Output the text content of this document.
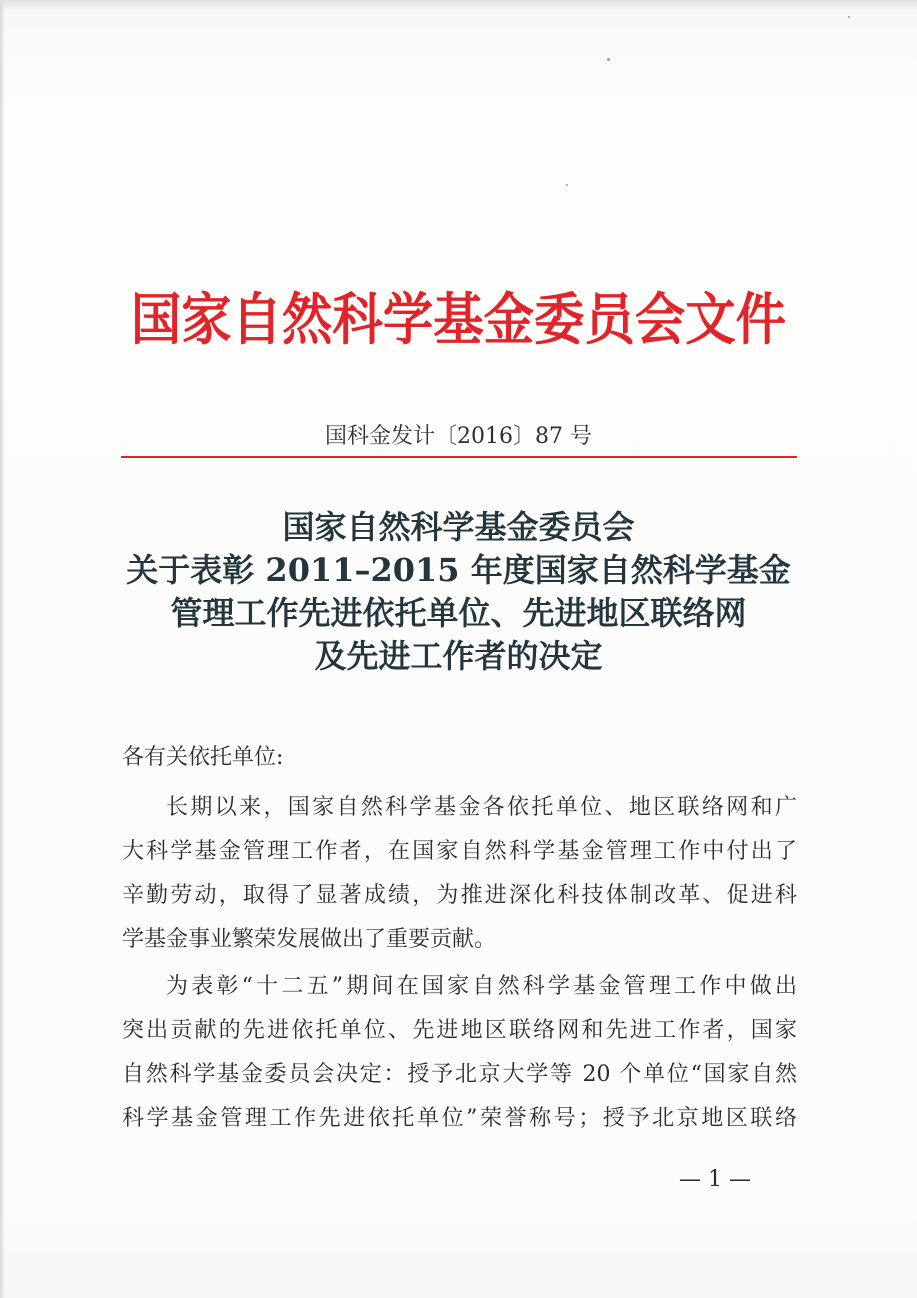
国家自然科学基金委员会文件
国科金发计〔2016〕87 号
国家自然科学基金委员会
关于表彰 2011–2015 年度国家自然科学基金
管理工作先进依托单位、先进地区联络网
及先进工作者的决定
各有关依托单位:
长期以来，国家自然科学基金各依托单位、地区联络网和广
大科学基金管理工作者，在国家自然科学基金管理工作中付出了
辛勤劳动，取得了显著成绩，为推进深化科技体制改革、促进科
学基金事业繁荣发展做出了重要贡献。
为表彰“十二五”期间在国家自然科学基金管理工作中做出
突出贡献的先进依托单位、先进地区联络网和先进工作者，国家
自然科学基金委员会决定：授予北京大学等 20 个单位“国家自然
科学基金管理工作先进依托单位”荣誉称号；授予北京地区联络
— 1 —
